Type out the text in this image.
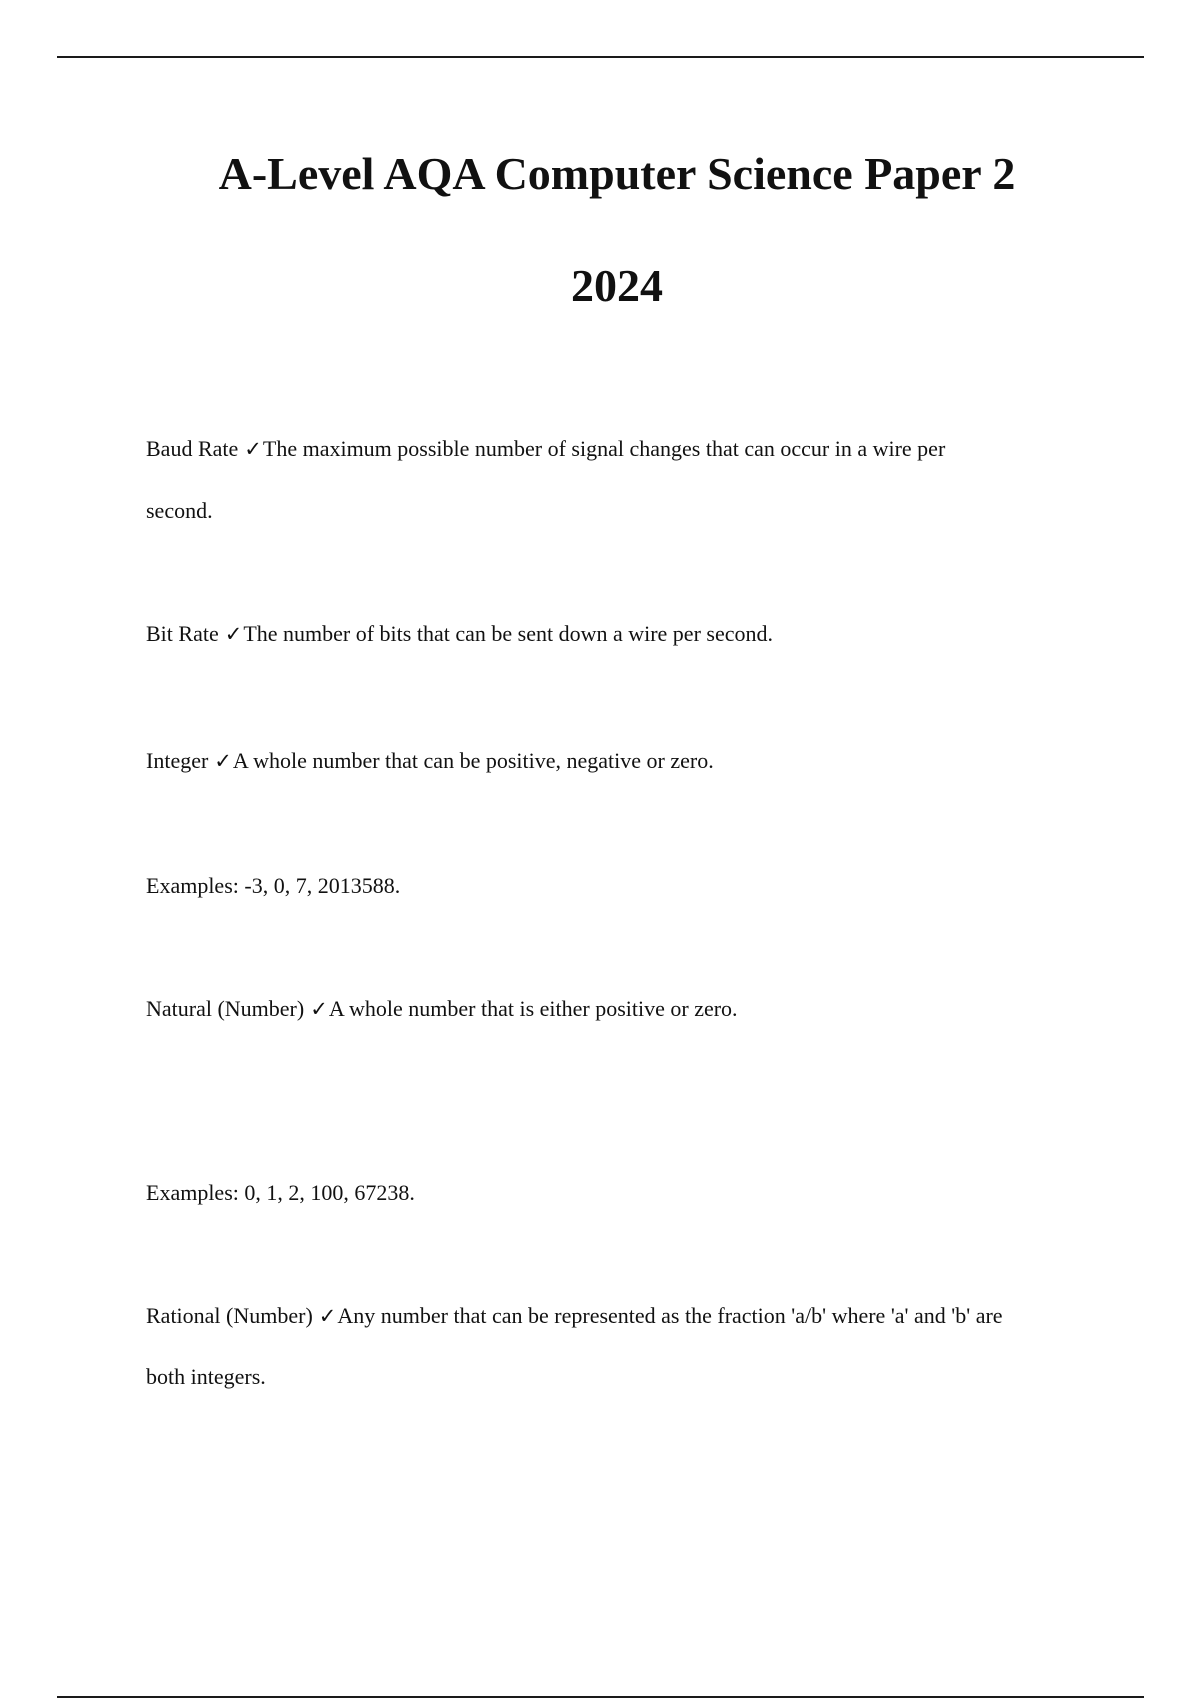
A-Level AQA Computer Science Paper 2
2024

Baud Rate ✓The maximum possible number of signal changes that can occur in a wire per

second.

Bit Rate ✓The number of bits that can be sent down a wire per second.

Integer ✓A whole number that can be positive, negative or zero.

Examples: -3, 0, 7, 2013588.

Natural (Number) ✓A whole number that is either positive or zero.

Examples: 0, 1, 2, 100, 67238.

Rational (Number) ✓Any number that can be represented as the fraction 'a/b' where 'a' and 'b' are

both integers.
